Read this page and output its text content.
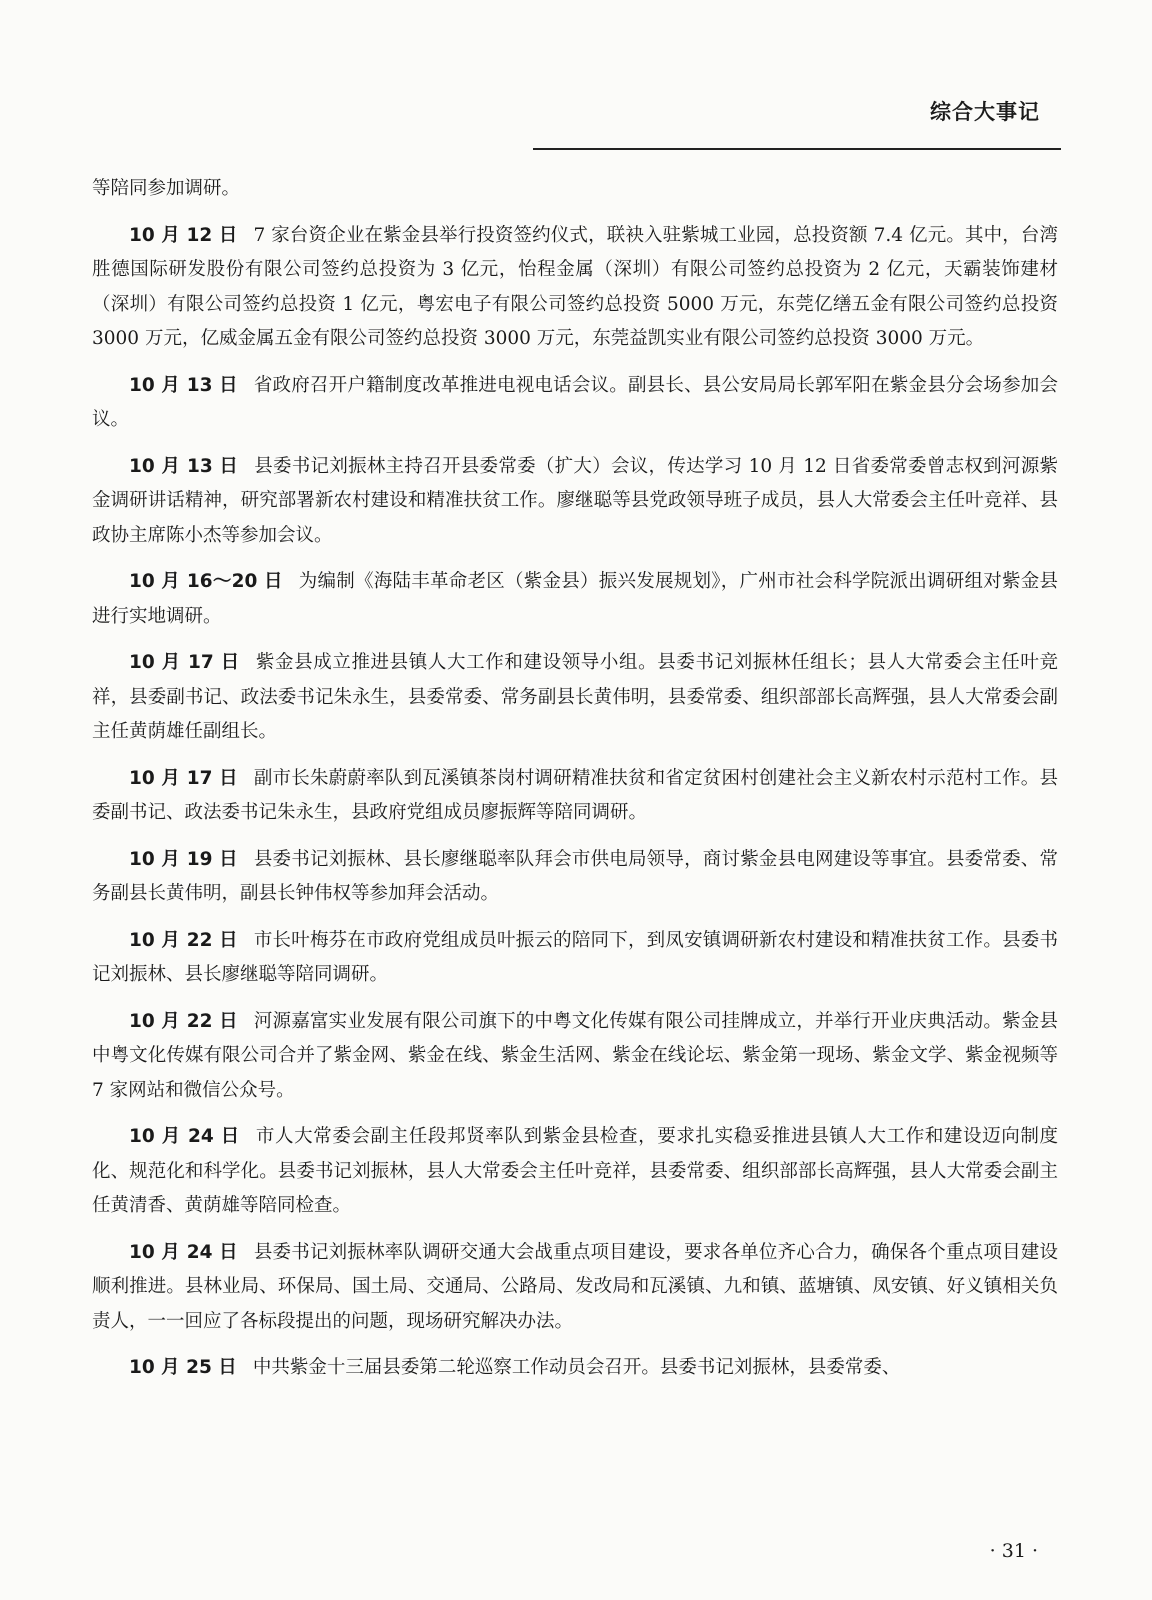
综合大事记

等陪同参加调研。

10 月 12 日 7 家台资企业在紫金县举行投资签约仪式，联袂入驻紫城工业园，总投资额 7.4 亿元。其中，台湾胜德国际研发股份有限公司签约总投资为 3 亿元，怡程金属（深圳）有限公司签约总投资为 2 亿元，天霸装饰建材（深圳）有限公司签约总投资 1 亿元，粤宏电子有限公司签约总投资 5000 万元，东莞亿缮五金有限公司签约总投资 3000 万元，亿威金属五金有限公司签约总投资 3000 万元，东莞益凯实业有限公司签约总投资 3000 万元。

10 月 13 日 省政府召开户籍制度改革推进电视电话会议。副县长、县公安局局长郭军阳在紫金县分会场参加会议。

10 月 13 日 县委书记刘振林主持召开县委常委（扩大）会议，传达学习 10 月 12 日省委常委曾志权到河源紫金调研讲话精神，研究部署新农村建设和精准扶贫工作。廖继聪等县党政领导班子成员，县人大常委会主任叶竞祥、县政协主席陈小杰等参加会议。

10 月 16～20 日 为编制《海陆丰革命老区（紫金县）振兴发展规划》，广州市社会科学院派出调研组对紫金县进行实地调研。

10 月 17 日 紫金县成立推进县镇人大工作和建设领导小组。县委书记刘振林任组长；县人大常委会主任叶竞祥，县委副书记、政法委书记朱永生，县委常委、常务副县长黄伟明，县委常委、组织部部长高辉强，县人大常委会副主任黄荫雄任副组长。

10 月 17 日 副市长朱蔚蔚率队到瓦溪镇茶岗村调研精准扶贫和省定贫困村创建社会主义新农村示范村工作。县委副书记、政法委书记朱永生，县政府党组成员廖振辉等陪同调研。

10 月 19 日 县委书记刘振林、县长廖继聪率队拜会市供电局领导，商讨紫金县电网建设等事宜。县委常委、常务副县长黄伟明，副县长钟伟权等参加拜会活动。

10 月 22 日 市长叶梅芬在市政府党组成员叶振云的陪同下，到凤安镇调研新农村建设和精准扶贫工作。县委书记刘振林、县长廖继聪等陪同调研。

10 月 22 日 河源嘉富实业发展有限公司旗下的中粤文化传媒有限公司挂牌成立，并举行开业庆典活动。紫金县中粤文化传媒有限公司合并了紫金网、紫金在线、紫金生活网、紫金在线论坛、紫金第一现场、紫金文学、紫金视频等 7 家网站和微信公众号。

10 月 24 日 市人大常委会副主任段邦贤率队到紫金县检查，要求扎实稳妥推进县镇人大工作和建设迈向制度化、规范化和科学化。县委书记刘振林，县人大常委会主任叶竞祥，县委常委、组织部部长高辉强，县人大常委会副主任黄清香、黄荫雄等陪同检查。

10 月 24 日 县委书记刘振林率队调研交通大会战重点项目建设，要求各单位齐心合力，确保各个重点项目建设顺利推进。县林业局、环保局、国土局、交通局、公路局、发改局和瓦溪镇、九和镇、蓝塘镇、凤安镇、好义镇相关负责人，一一回应了各标段提出的问题，现场研究解决办法。

10 月 25 日 中共紫金十三届县委第二轮巡察工作动员会召开。县委书记刘振林，县委常委、

· 31 ·
